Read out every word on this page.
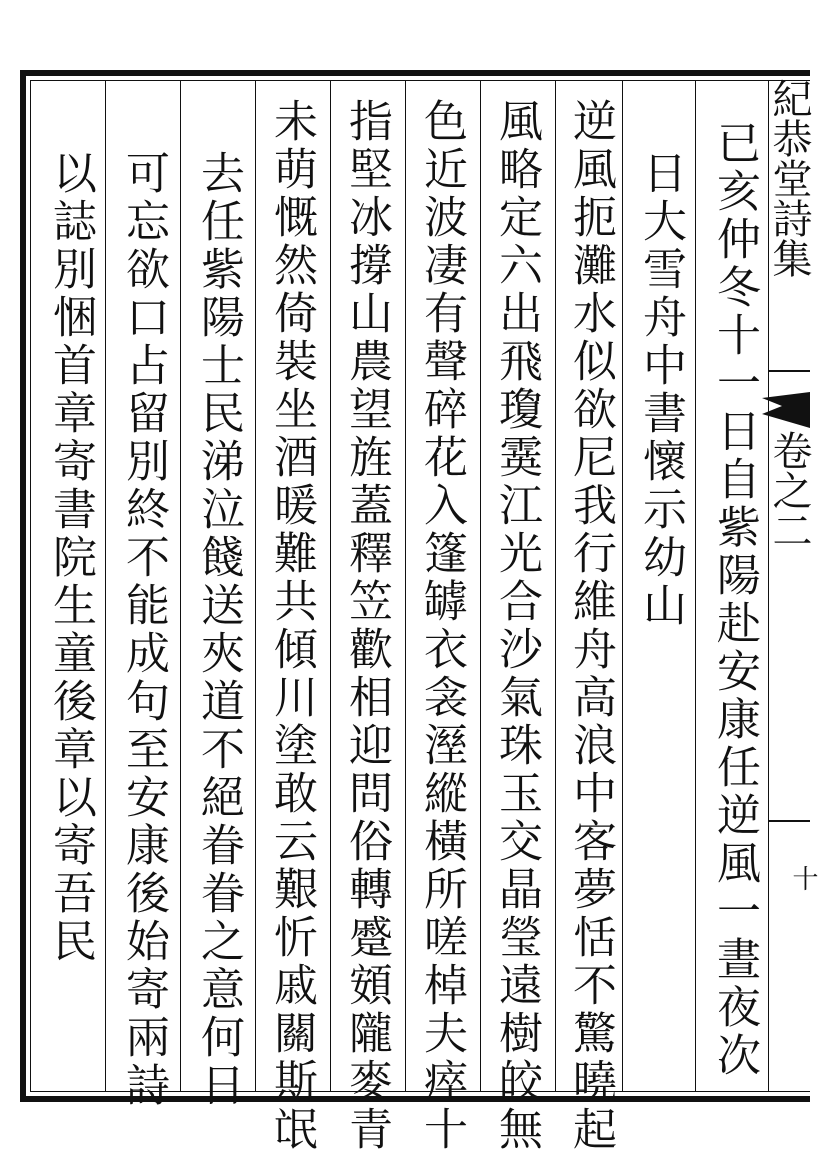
已亥仲冬十一日自紫陽赴安康任逆風一晝夜次
日大雪舟中書懷示幼山
逆風扼灘水似欲尼我行維舟高浪中客夢恬不驚曉起
風略定六出飛瓊霙江光合沙氣珠玉交晶瑩遠樹皎無
色近波凄有聲碎花入篷罅衣衾溼縱橫所嗟棹夫瘁十
指堅冰撐山農望旌蓋釋笠歡相迎問俗轉蹙頞隴麥青
未萌慨然倚裝坐酒暖難共傾川塗敢云艱忻戚關斯氓
去任紫陽士民涕泣餞送夾道不絕眷眷之意何日
可忘欲口占留別終不能成句至安康後始寄兩詩
以誌別悃首章寄書院生童後章以寄吾民	紀恭堂詩集
卷之二
十
